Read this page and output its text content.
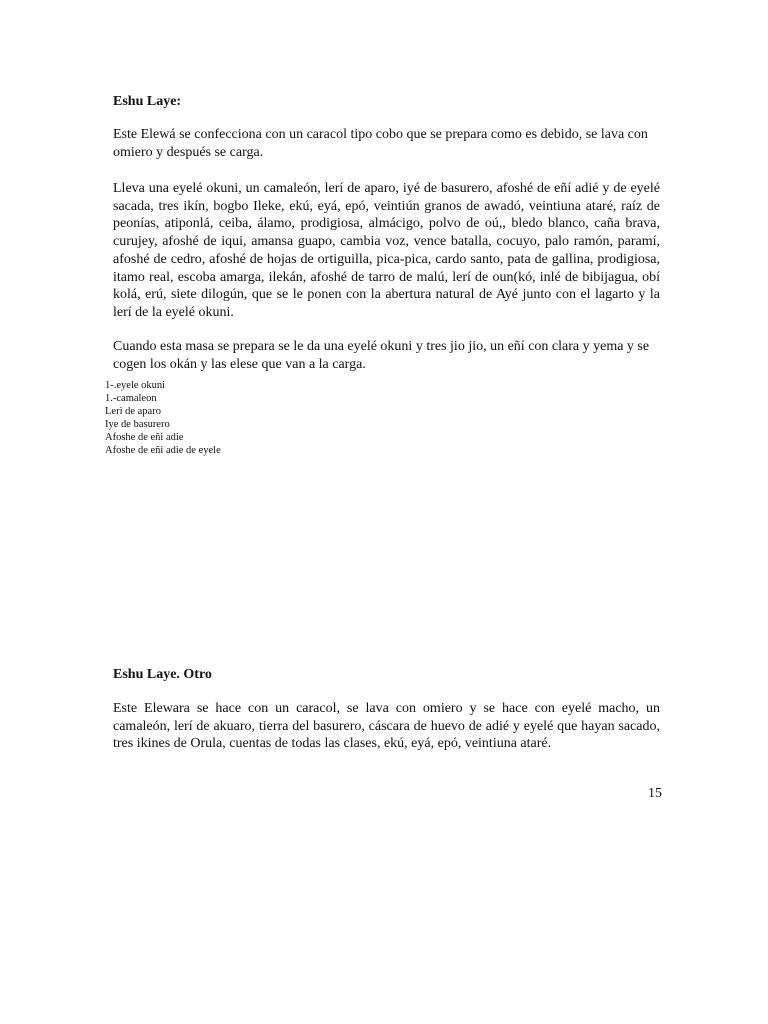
Eshu Laye:

Este Elewá se confecciona con un caracol tipo cobo que se prepara como es debido, se lava con omiero y después se carga.

Lleva una eyelé okuni, un camaleón, lerí de aparo, iyé de basurero, afoshé de eñí adié y de eyelé sacada, tres ikín, bogbo Ileke, ekú, eyá, epó, veintiún granos de awadó, veintiuna ataré, raíz de peonías, atiponlá, ceiba, álamo, prodigiosa, almácigo, polvo de oú,, bledo blanco, caña brava, curujey, afoshé de iqui, amansa guapo, cambia voz, vence batalla, cocuyo, palo ramón, paramí, afoshé de cedro, afoshé de hojas de ortiguilla, pica-pica, cardo santo, pata de gallina, prodigiosa, itamo real, escoba amarga, ilekán, afoshé de tarro de malú, lerí de oun(kó, inlé de bibijagua, obí kolá, erú, siete dilogún, que se le ponen con la abertura natural de Ayé junto con el lagarto y la lerí de la eyelé okuni.

Cuando esta masa se prepara se le da una eyelé okuni y tres jio jio, un eñí con clara y yema y se cogen los okán y las elese que van a la carga.

1-.eyele okuni
1.-camaleon
Leri de aparo
Iye de basurero
Afoshe de eñi adie
Afoshe de eñi adie de eyele
Eshu Laye. Otro

Este Elewara se hace con un caracol, se lava con omiero y se hace con eyelé macho, un camaleón, lerí de akuaro, tierra del basurero, cáscara de huevo de adié y eyelé que hayan sacado, tres ikines de Orula, cuentas de todas las clases, ekú, eyá, epó, veintiuna ataré.

15
